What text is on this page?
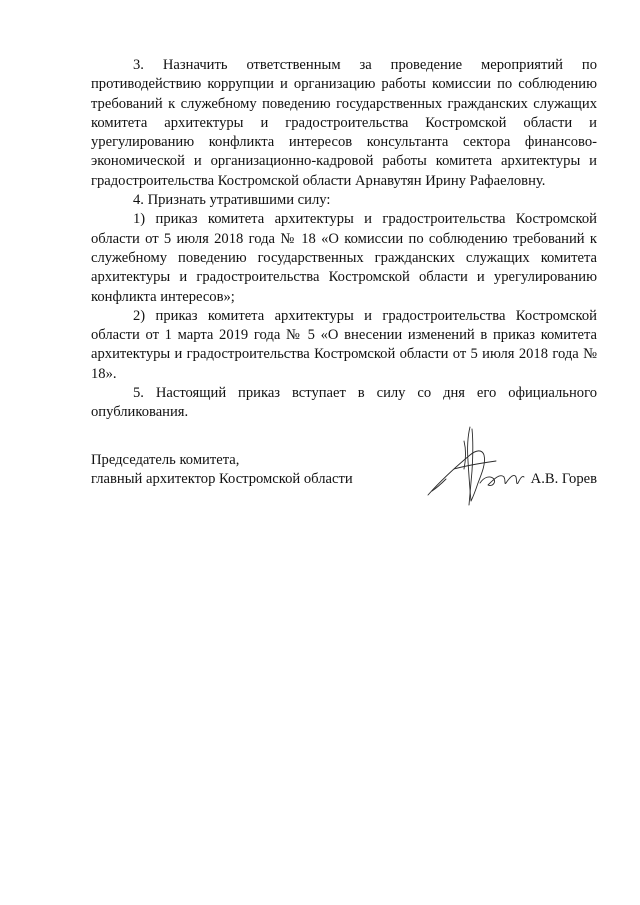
3. Назначить ответственным за проведение мероприятий по противодействию коррупции и организацию работы комиссии по соблюдению требований к служебному поведению государственных гражданских служащих комитета архитектуры и градостроительства Костромской области и урегулированию конфликта интересов консультанта сектора финансово-экономической и организационно-кадровой работы комитета архитектуры и градостроительства Костромской области Арнавутян Ирину Рафаеловну.

4. Признать утратившими силу:

1) приказ комитета архитектуры и градостроительства Костромской области от 5 июля 2018 года № 18 «О комиссии по соблюдению требований к служебному поведению государственных гражданских служащих комитета архитектуры и градостроительства Костромской области и урегулированию конфликта интересов»;

2) приказ комитета архитектуры и градостроительства Костромской области от 1 марта 2019 года № 5 «О внесении изменений в приказ комитета архитектуры и градостроительства Костромской области от 5 июля 2018 года № 18».

5. Настоящий приказ вступает в силу со дня его официального опубликования.

Председатель комитета,
главный архитектор Костромской области	А.В. Горев
